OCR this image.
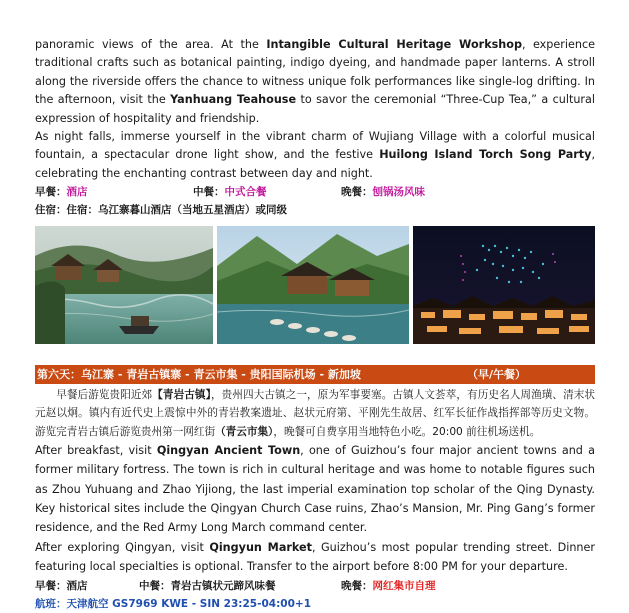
panoramic views of the area. At the Intangible Cultural Heritage Workshop, experience traditional crafts such as botanical painting, indigo dyeing, and handmade paper lanterns. A stroll along the riverside offers the chance to witness unique folk performances like single-log drifting. In the afternoon, visit the Yanhuang Teahouse to savor the ceremonial “Three-Cup Tea,” a cultural expression of hospitality and friendship.

As night falls, immerse yourself in the vibrant charm of Wujiang Village with a colorful musical fountain, a spectacular drone light show, and the festive Huilong Island Torch Song Party, celebrating the enchanting contrast between day and night.

早餐：酒店	中餐：中式合餐	晚餐：刨锅汤风味
住宿：住宿：乌江寨暮山酒店（当地五星酒店）或同级
第六天：乌江寨 - 青岩古镇寨 - 青云市集 - 贵阳国际机场 - 新加坡	（早/午餐）

早餐后游览贵阳近郊【青岩古镇】，贵州四大古镇之一，原为军事要塞。古镇人文荟萃，有历史名人周渔璜、清末状元赵以炯。镇内有近代史上震惊中外的青岩教案遗址、赵状元府第、平刚先生故居、红军长征作战指挥部等历史文物。游览完青岩古镇后游览贵州第一网红街（青云市集），晚餐可自费享用当地特色小吃。20:00 前往机场送机。

After breakfast, visit Qingyan Ancient Town, one of Guizhou’s four major ancient towns and a former military fortress. The town is rich in cultural heritage and was home to notable figures such as Zhou Yuhuang and Zhao Yijiong, the last imperial examination top scholar of the Qing Dynasty. Key historical sites include the Qingyan Church Case ruins, Zhao’s Mansion, Mr. Ping Gang’s former residence, and the Red Army Long March command center.

After exploring Qingyan, visit Qingyun Market, Guizhou’s most popular trending street. Dinner featuring local specialties is optional. Transfer to the airport before 8:00 PM for your departure.

早餐：酒店	中餐：青岩古镇状元蹄风味餐	晚餐：网红集市自理
航班：天津航空 GS7969 KWE - SIN 23:25-04:00+1
